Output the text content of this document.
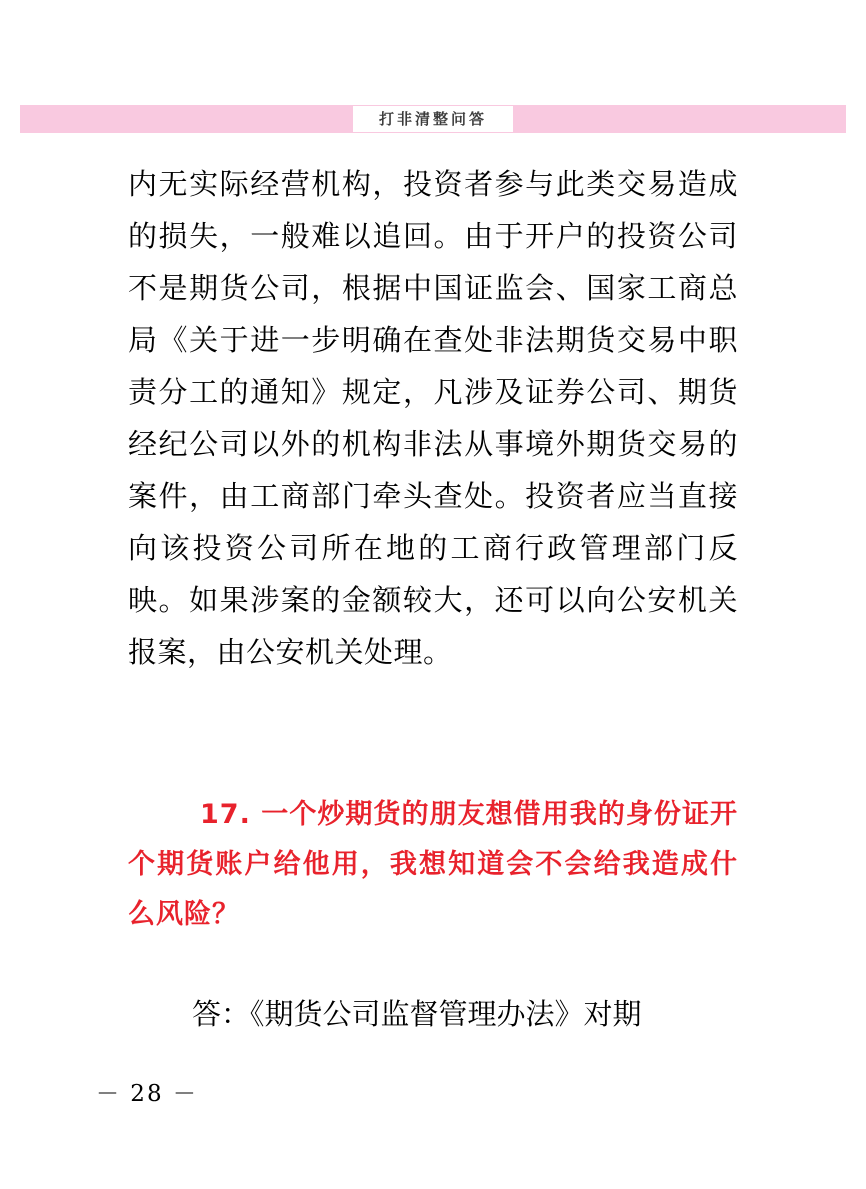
打非清整问答

内无实际经营机构，投资者参与此类交易造成的损失，一般难以追回。由于开户的投资公司不是期货公司，根据中国证监会、国家工商总局《关于进一步明确在查处非法期货交易中职责分工的通知》规定，凡涉及证券公司、期货经纪公司以外的机构非法从事境外期货交易的案件，由工商部门牵头查处。投资者应当直接向该投资公司所在地的工商行政管理部门反映。如果涉案的金额较大，还可以向公安机关报案，由公安机关处理。

17. 一个炒期货的朋友想借用我的身份证开个期货账户给他用，我想知道会不会给我造成什么风险？

答：《期货公司监督管理办法》对期

－ 28 －
